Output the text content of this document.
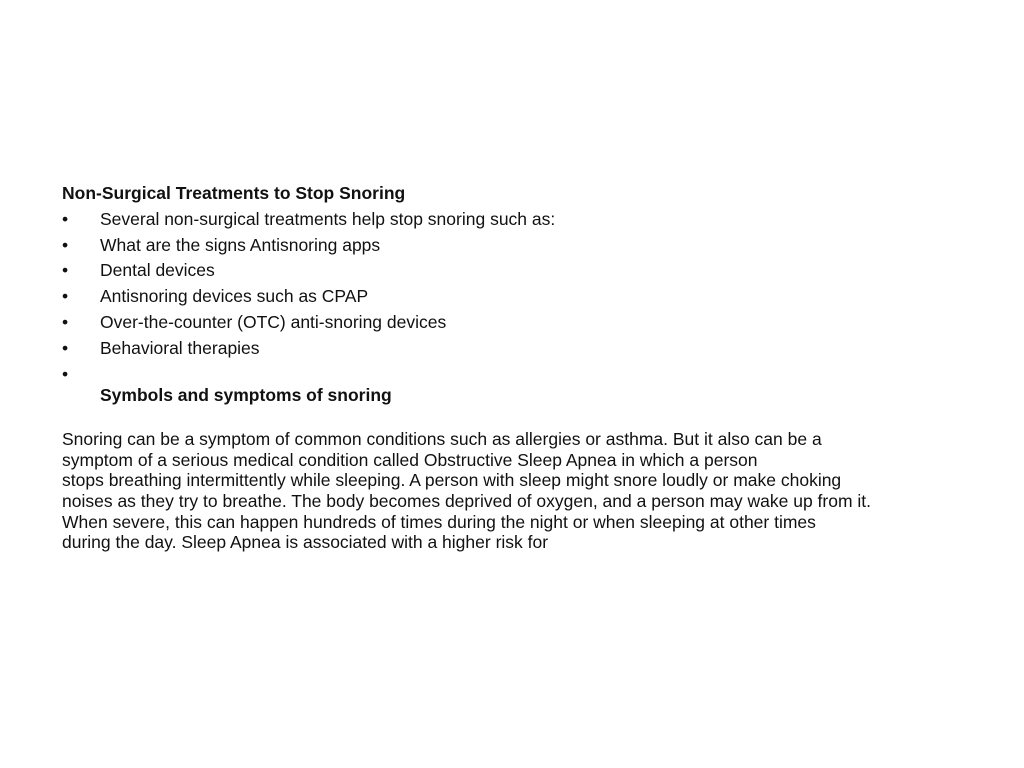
Non-Surgical Treatments to Stop Snoring
•	Several non-surgical treatments help stop snoring such as:
•	What are the signs Antisnoring apps
•	Dental devices
•	Antisnoring devices such as CPAP
•	Over-the-counter (OTC) anti-snoring devices
•	Behavioral therapies
•
Symbols and symptoms of snoring
Snoring can be a symptom of common conditions such as allergies or asthma. But it also can be a
symptom of a serious medical condition called Obstructive Sleep Apnea in which a person
stops breathing intermittently while sleeping. A person with sleep might snore loudly or make choking
noises as they try to breathe. The body becomes deprived of oxygen, and a person may wake up from it.
When severe, this can happen hundreds of times during the night or when sleeping at other times
during the day. Sleep Apnea is associated with a higher risk for
